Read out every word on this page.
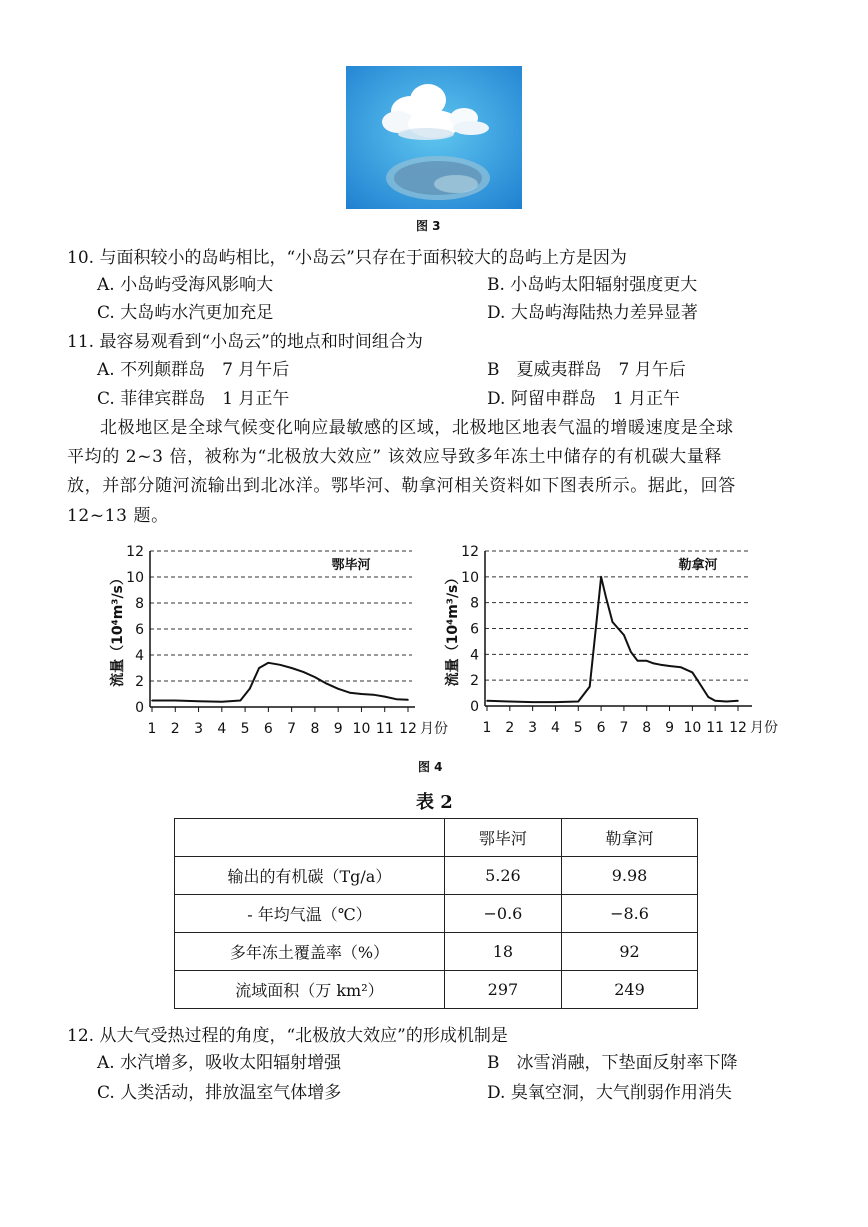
图 3
10. 与面积较小的岛屿相比，“小岛云”只存在于面积较大的岛屿上方是因为
A. 小岛屿受海风影响大	B. 小岛屿太阳辐射强度更大
C. 大岛屿水汽更加充足	D. 大岛屿海陆热力差异显著
11. 最容易观看到“小岛云”的地点和时间组合为
A. 不列颠群岛　7 月午后	B　夏威夷群岛　7 月午后
C. 菲律宾群岛　1 月正午	D. 阿留申群岛　1 月正午
北极地区是全球气候变化响应最敏感的区域，北极地区地表气温的增暖速度是全球
平均的 2~3 倍，被称为“北极放大效应” 该效应导致多年冻土中储存的有机碳大量释
放，并部分随河流输出到北冰洋。鄂毕河、勒拿河相关资料如下图表所示。据此，回答
12~13 题。
0
2
4
6
8
10
12
1 2 3 4 5 6 7 8 9 10 11 12 月份
流量（10⁴m³/s）
鄂毕河
0
2
4
6
8
10
12
1 2 3 4 5 6 7 8 9 10 11 12 月份
流量（10⁴m³/s）
勒拿河
图 4
表 2
	鄂毕河	勒拿河
输出的有机碳（Tg/a）	5.26	9.98
- 年均气温（℃）	−0.6	−8.6
多年冻土覆盖率（%）	18	92
流域面积（万 km²）	297	249
12. 从大气受热过程的角度，“北极放大效应”的形成机制是
A. 水汽增多，吸收太阳辐射增强	B　冰雪消融，下垫面反射率下降
C. 人类活动，排放温室气体增多	D. 臭氧空洞，大气削弱作用消失
